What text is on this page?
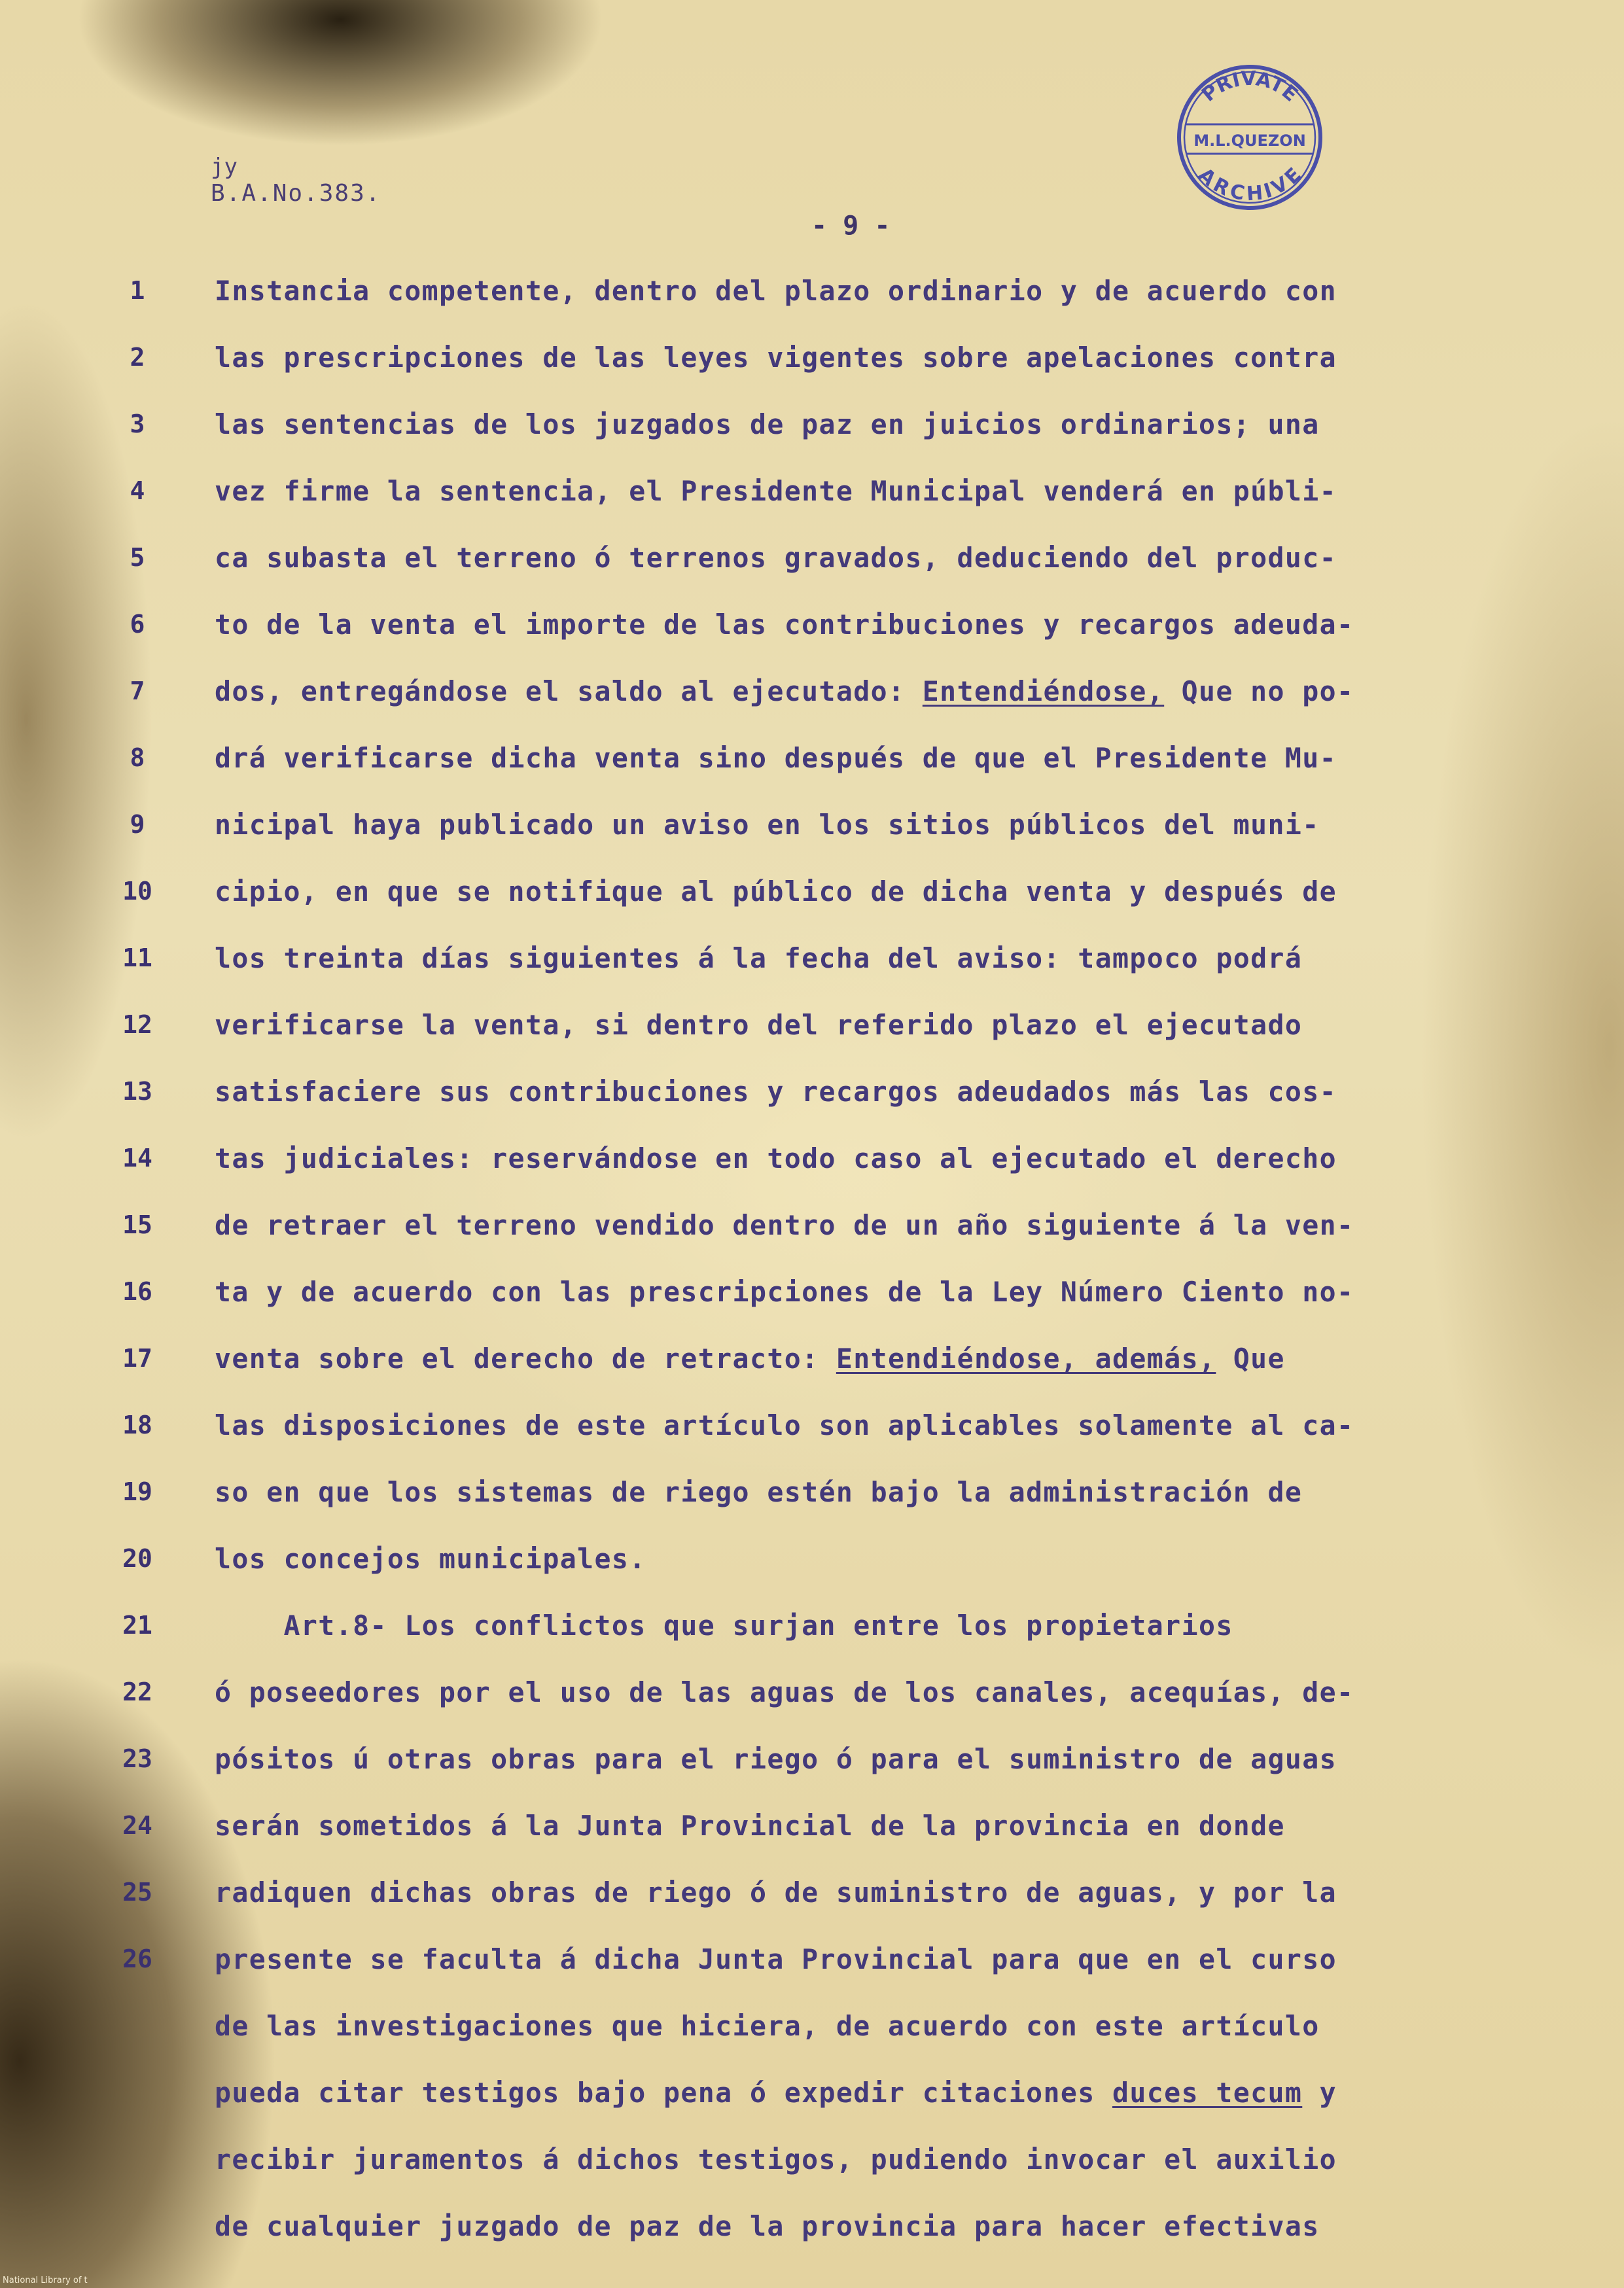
jy
B.A.No.383.
- 9 -
PRIVATE
M.L.QUEZON
ARCHIVE
1	Instancia competente, dentro del plazo ordinario y de acuerdo con
2	las prescripciones de las leyes vigentes sobre apelaciones contra
3	las sentencias de los juzgados de paz en juicios ordinarios; una
4	vez firme la sentencia, el Presidente Municipal venderá en públi-
5	ca subasta el terreno ó terrenos gravados, deduciendo del produc-
6	to de la venta el importe de las contribuciones y recargos adeuda-
7	dos, entregándose el saldo al ejecutado: Entendiéndose, Que no po-
8	drá verificarse dicha venta sino después de que el Presidente Mu-
9	nicipal haya publicado un aviso en los sitios públicos del muni-
10	cipio, en que se notifique al público de dicha venta y después de
11	los treinta días siguientes á la fecha del aviso: tampoco podrá
12	verificarse la venta, si dentro del referido plazo el ejecutado
13	satisfaciere sus contribuciones y recargos adeudados más las cos-
14	tas judiciales: reservándose en todo caso al ejecutado el derecho
15	de retraer el terreno vendido dentro de un año siguiente á la ven-
16	ta y de acuerdo con las prescripciones de la Ley Número Ciento no-
17	venta sobre el derecho de retracto: Entendiéndose, además, Que
18	las disposiciones de este artículo son aplicables solamente al ca-
19	so en que los sistemas de riego estén bajo la administración de
20	los concejos municipales.
21	Art.8- Los conflictos que surjan entre los propietarios
22	ó poseedores por el uso de las aguas de los canales, acequías, de-
23	pósitos ú otras obras para el riego ó para el suministro de aguas
24	serán sometidos á la Junta Provincial de la provincia en donde
25	radiquen dichas obras de riego ó de suministro de aguas, y por la
26	presente se faculta á dicha Junta Provincial para que en el curso
de las investigaciones que hiciera, de acuerdo con este artículo
pueda citar testigos bajo pena ó expedir citaciones duces tecum y
recibir juramentos á dichos testigos, pudiendo invocar el auxilio
de cualquier juzgado de paz de la provincia para hacer efectivas
National Library of t
